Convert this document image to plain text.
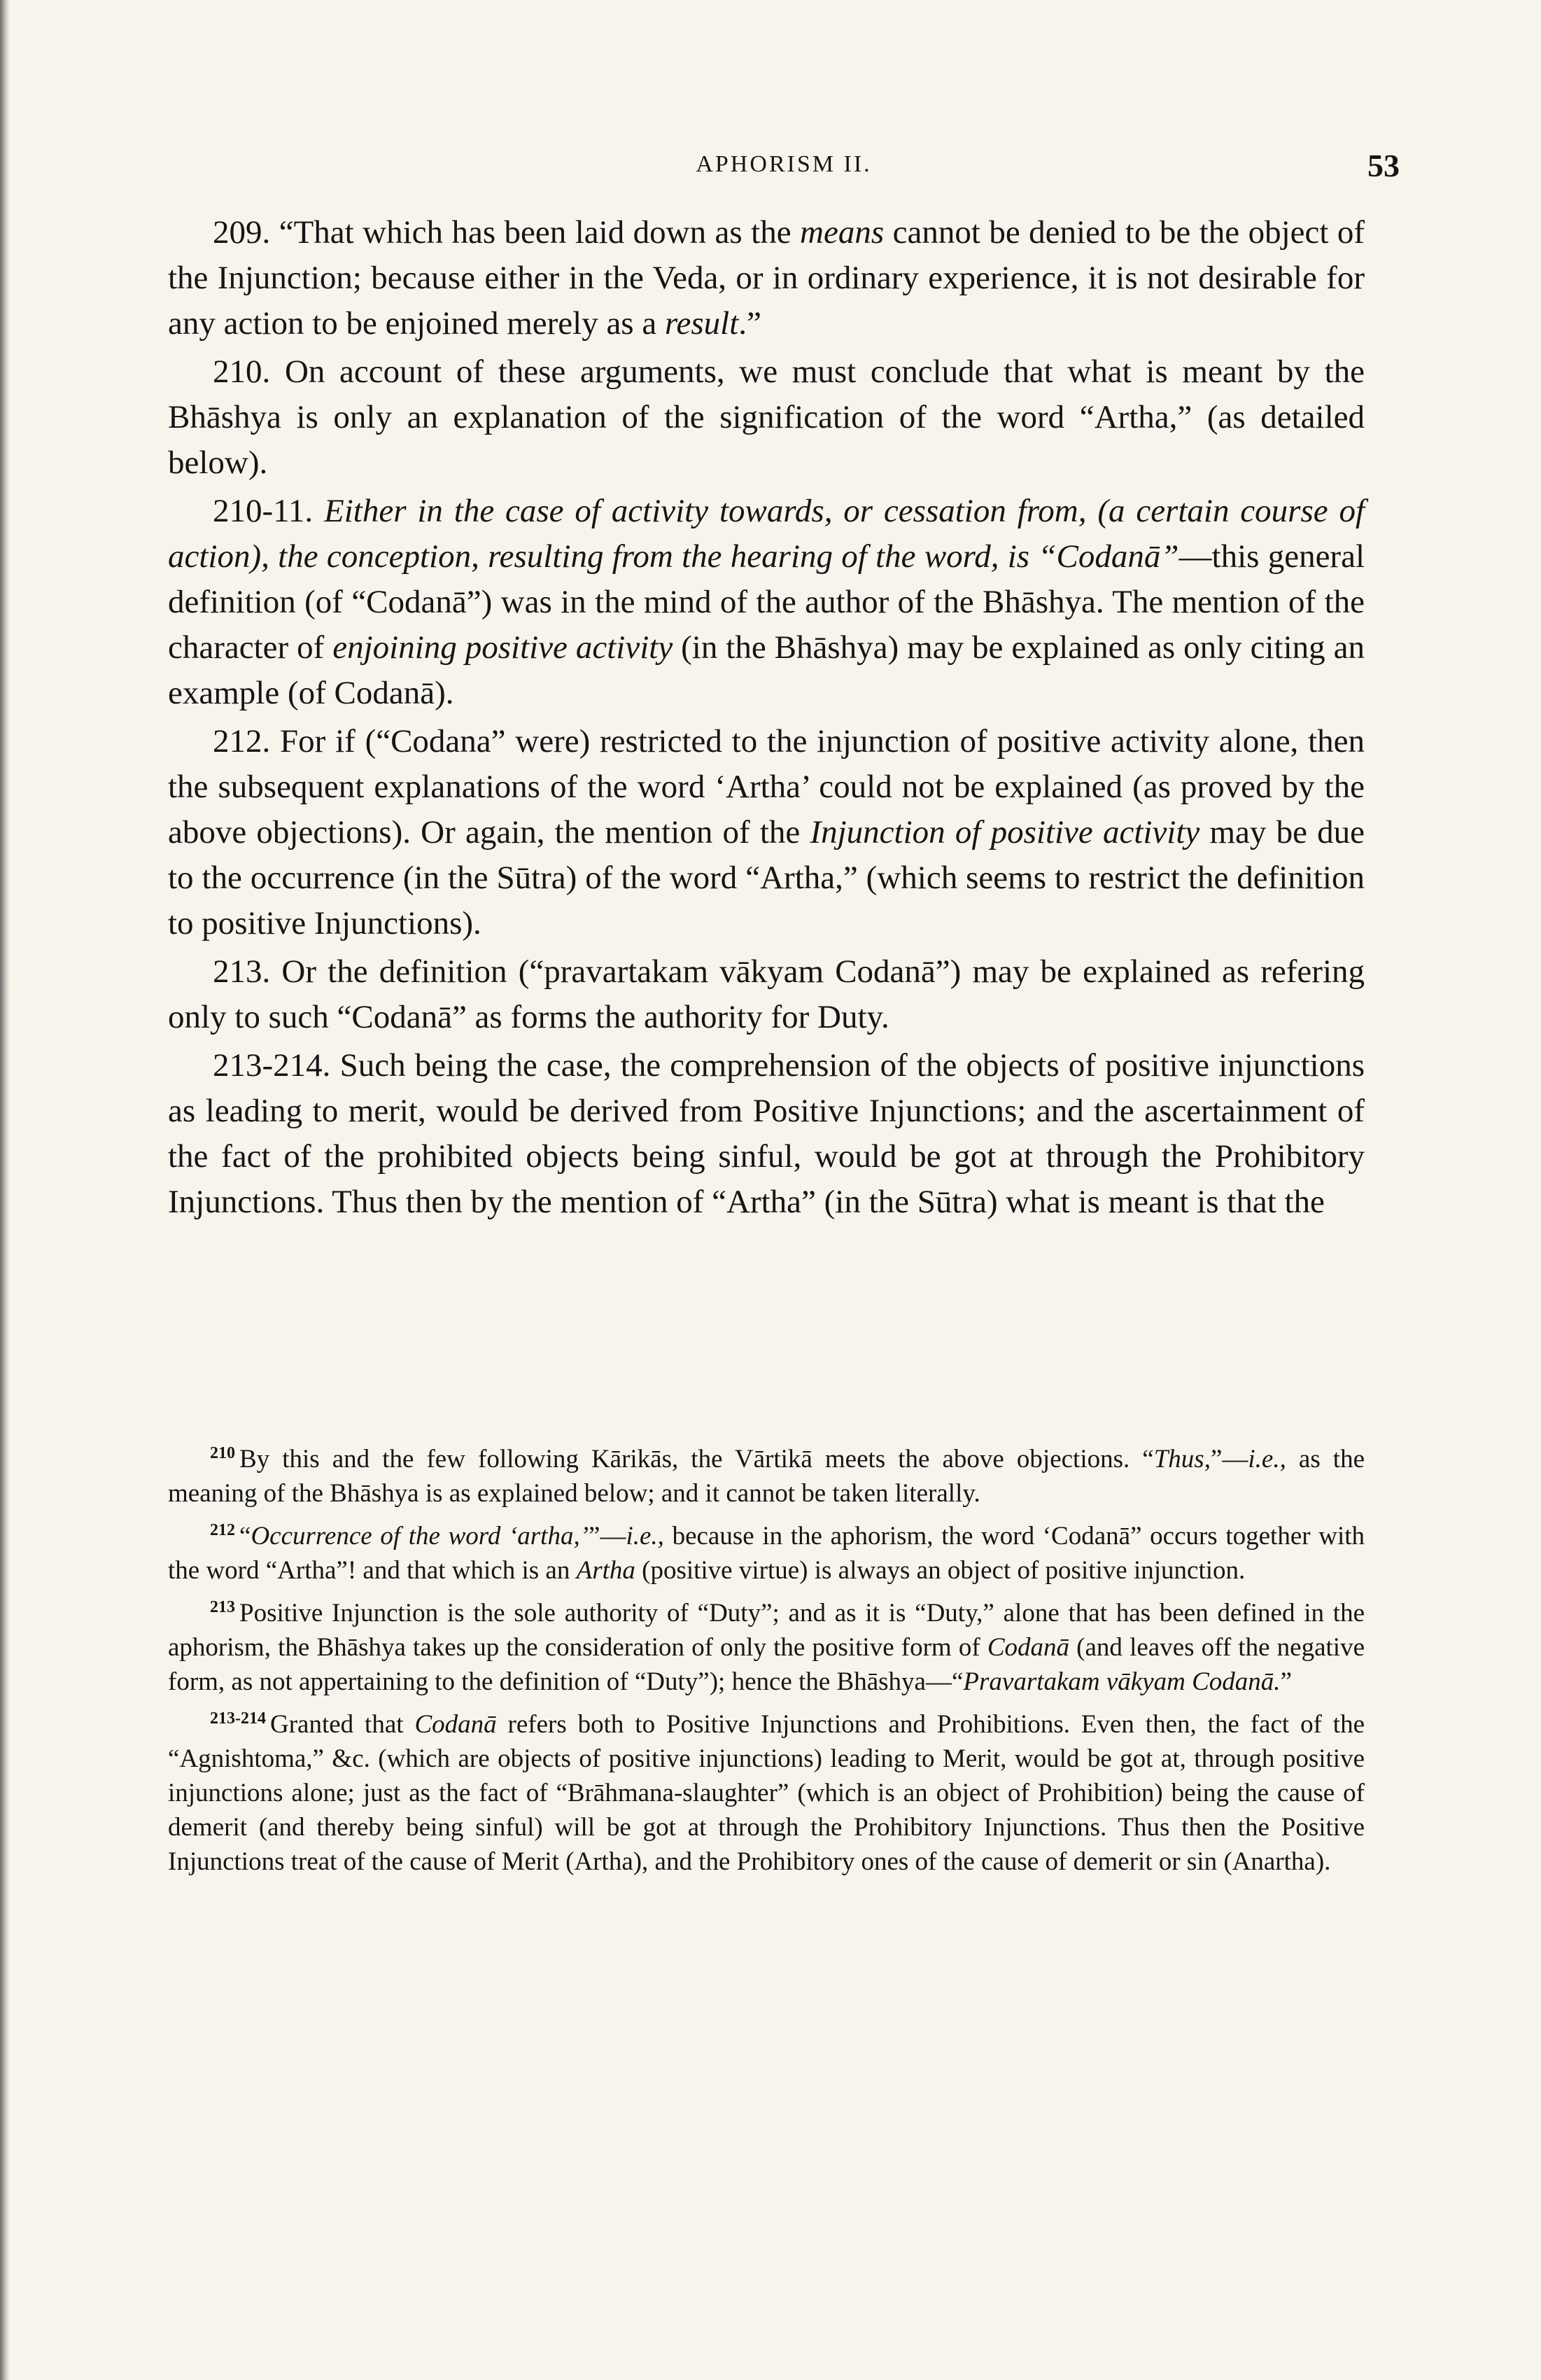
APHORISM II.	53

209. “That which has been laid down as the means cannot be denied to be the object of the Injunction; because either in the Veda, or in ordinary experience, it is not desirable for any action to be enjoined merely as a result.”

210. On account of these arguments, we must conclude that what is meant by the Bhāshya is only an explanation of the signification of the word “Artha,” (as detailed below).

210-11. Either in the case of activity towards, or cessation from, (a certain course of action), the conception, resulting from the hearing of the word, is “Codanā”—this general definition (of “Codanā”) was in the mind of the author of the Bhāshya. The mention of the character of enjoining positive activity (in the Bhāshya) may be explained as only citing an example (of Codanā).

212. For if (“Codana” were) restricted to the injunction of positive activity alone, then the subsequent explanations of the word ‘Artha’ could not be explained (as proved by the above objections). Or again, the mention of the Injunction of positive activity may be due to the occurrence (in the Sūtra) of the word “Artha,” (which seems to restrict the definition to positive Injunctions).

213. Or the definition (“pravartakam vākyam Codanā”) may be explained as refering only to such “Codanā” as forms the authority for Duty.

213-214. Such being the case, the comprehension of the objects of positive injunctions as leading to merit, would be derived from Positive Injunctions; and the ascertainment of the fact of the prohibited objects being sinful, would be got at through the Prohibitory Injunctions. Thus then by the mention of “Artha” (in the Sūtra) what is meant is that the

$^{210}$ By this and the few following Kārikās, the Vārtikā meets the above objections. “Thus,”—i.e., as the meaning of the Bhāshya is as explained below; and it cannot be taken literally.

$^{212}$ “Occurrence of the word ‘artha,’”—i.e., because in the aphorism, the word ‘Codanā” occurs together with the word “Artha”! and that which is an Artha (positive virtue) is always an object of positive injunction.

$^{213}$ Positive Injunction is the sole authority of “Duty”; and as it is “Duty,” alone that has been defined in the aphorism, the Bhāshya takes up the consideration of only the positive form of Codanā (and leaves off the negative form, as not appertaining to the definition of “Duty”); hence the Bhāshya—“Pravartakam vākyam Codanā.”

$^{213-214}$ Granted that Codanā refers both to Positive Injunctions and Prohibitions. Even then, the fact of the “Agnishtoma,” &c. (which are objects of positive injunctions) leading to Merit, would be got at, through positive injunctions alone; just as the fact of “Brāhmana-slaughter” (which is an object of Prohibition) being the cause of demerit (and thereby being sinful) will be got at through the Prohibitory Injunctions. Thus then the Positive Injunctions treat of the cause of Merit (Artha), and the Prohibitory ones of the cause of demerit or sin (Anartha).
